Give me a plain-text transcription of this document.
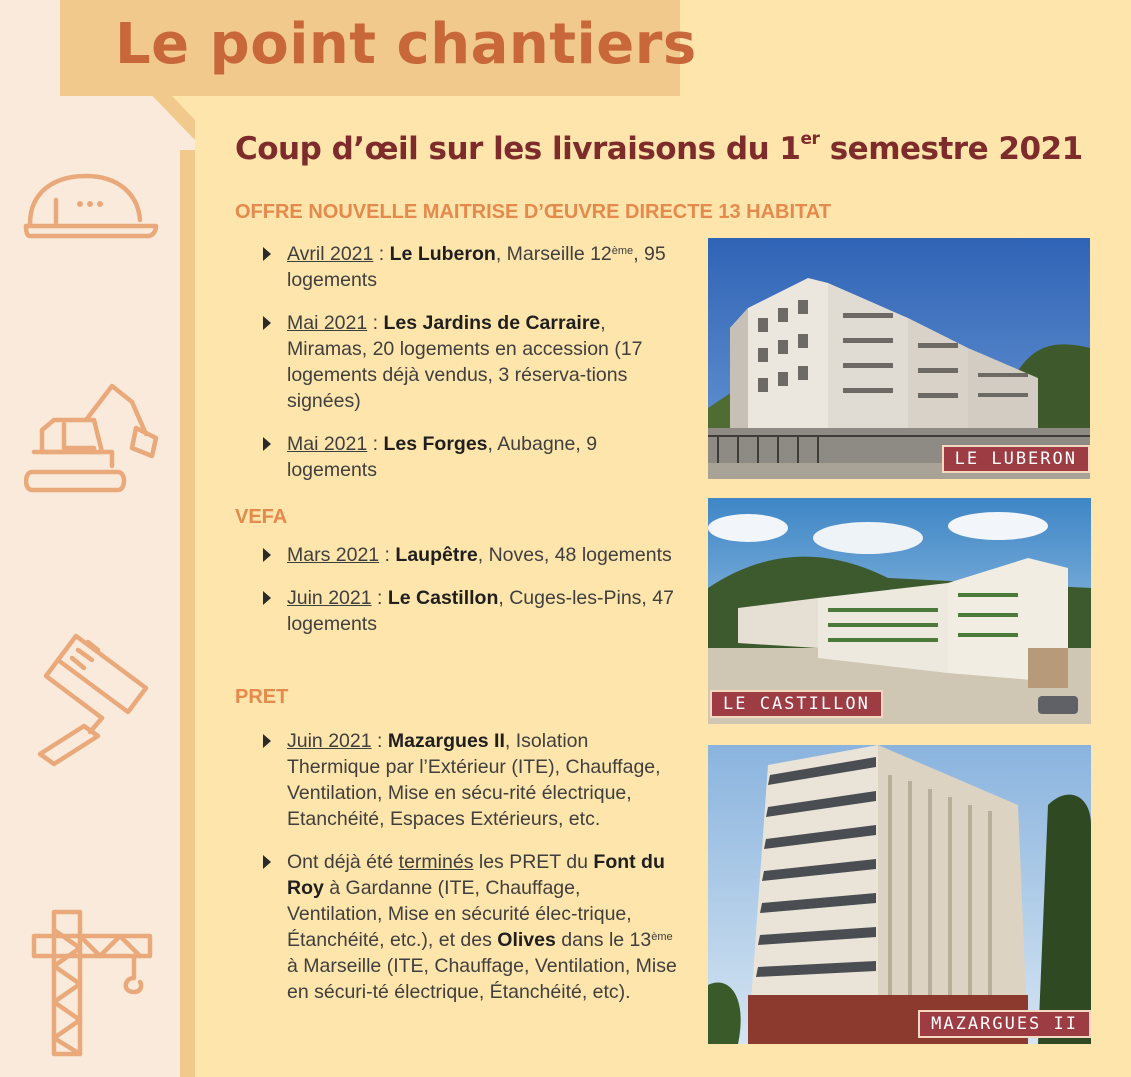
Le point chantiers
Coup d’œil sur les livraisons du 1er semestre 2021
OFFRE NOUVELLE MAITRISE D’ŒUVRE DIRECTE 13 HABITAT
Avril 2021 : Le Luberon, Marseille 12ème, 95 logements
Mai 2021 : Les Jardins de Carraire, Miramas, 20 logements en accession (17 logements déjà vendus, 3 réserva-tions signées)
Mai 2021 : Les Forges, Aubagne, 9 logements
VEFA
Mars 2021 : Laupêtre, Noves, 48 logements
Juin 2021 : Le Castillon, Cuges-les-Pins, 47 logements
PRET
Juin 2021 : Mazargues II, Isolation Thermique par l’Extérieur (ITE), Chauffage, Ventilation, Mise en sécu-rité électrique, Etanchéité, Espaces Extérieurs, etc.
Ont déjà été terminés les PRET du Font du Roy à Gardanne (ITE, Chauffage, Ventilation, Mise en sécurité élec-trique, Étanchéité, etc.), et des Olives dans le 13ème à Marseille (ITE, Chauffage, Ventilation, Mise en sécuri-té électrique, Étanchéité, etc).
LE LUBERON
LE CASTILLON
MAZARGUES II
